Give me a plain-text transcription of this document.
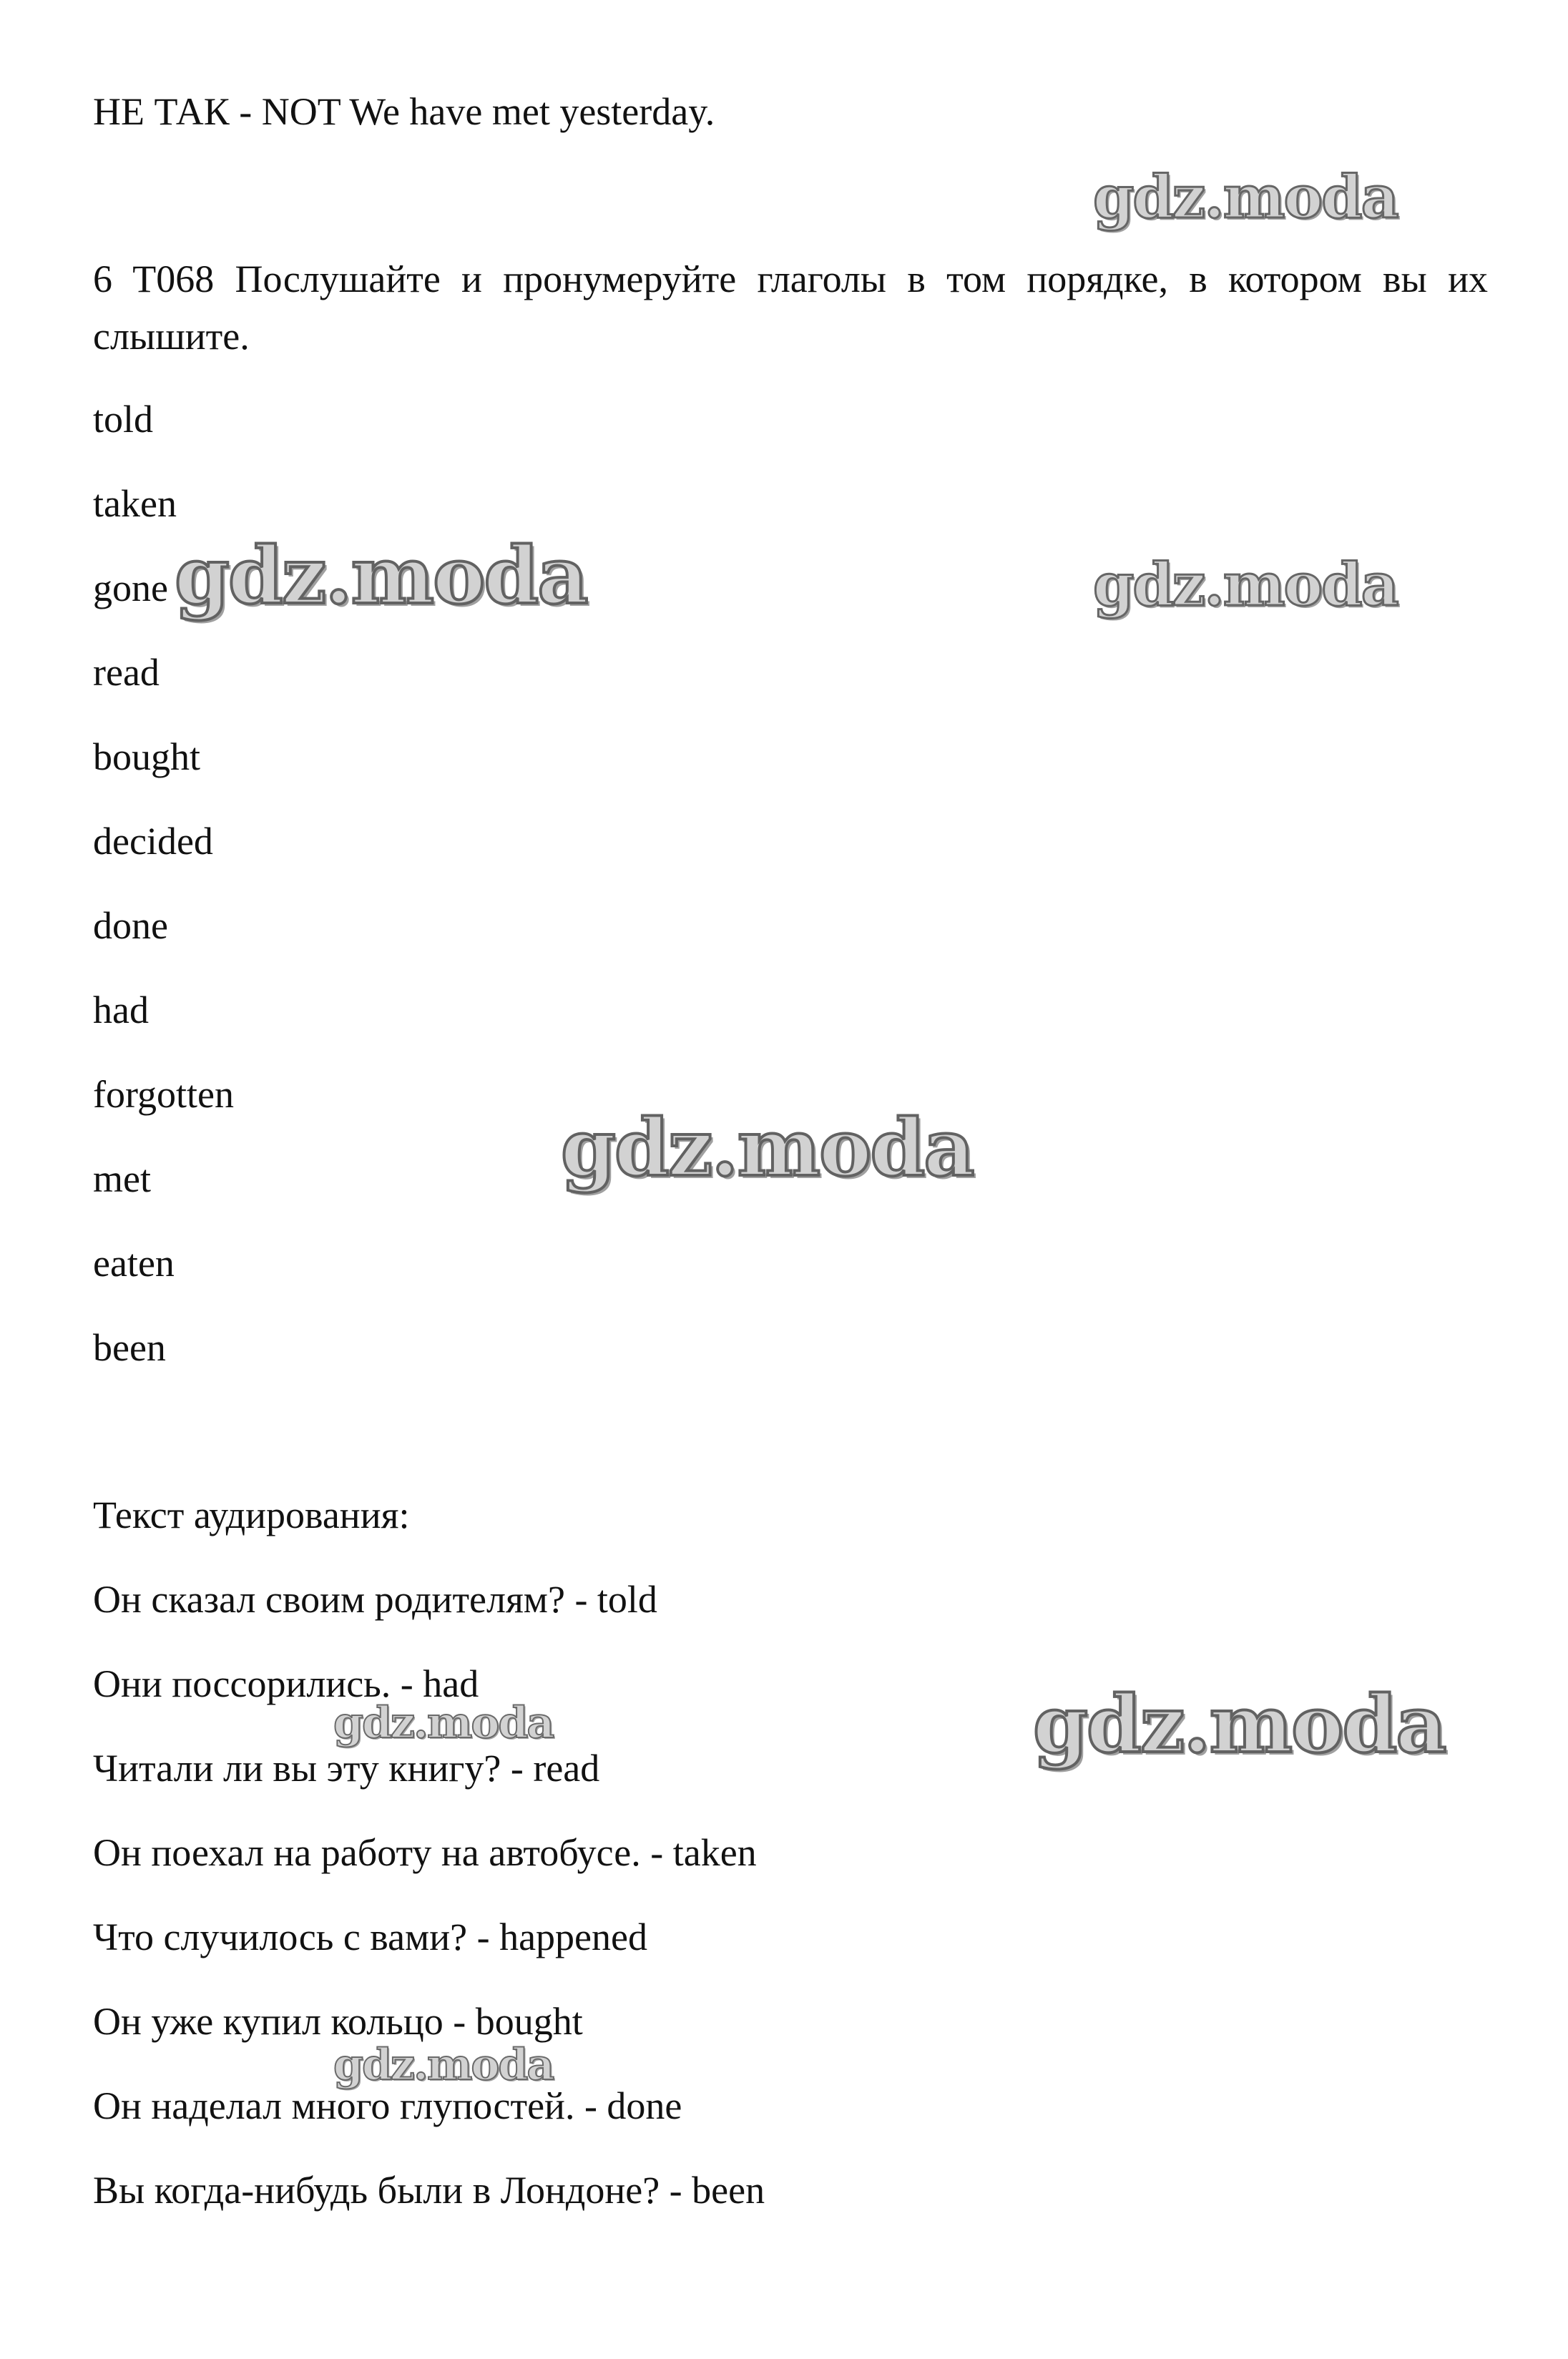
НЕ ТАК - NOT We have met yesterday.
6 T068 Послушайте и пронумеруйте глаголы в том порядке, в котором вы их слышите.
told
taken
gone
read
bought
decided
done
had
forgotten
met
eaten
been
Текст аудирования:
Он сказал своим родителям? - told
Они поссорились. - had
Читали ли вы эту книгу? - read
Он поехал на работу на автобусе. - taken
Что случилось с вами? - happened
Он уже купил кольцо - bought
Он наделал много глупостей. - done
Вы когда-нибудь были в Лондоне? - been
gdz.moda
gdz.moda	gdz.moda
gdz.moda
gdz.moda	gdz.moda
gdz.moda
